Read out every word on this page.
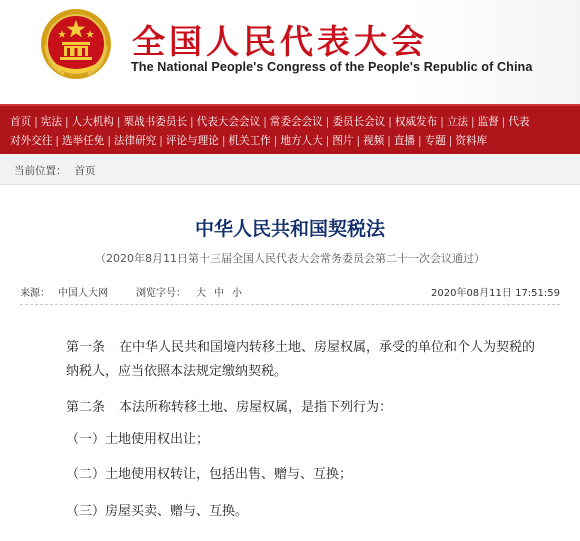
全国人民代表大会
The National People's Congress of the People's Republic of China
首页 | 宪法 | 人大机构 | 栗战书委员长 | 代表大会会议 | 常委会会议 | 委员长会议 | 权威发布 | 立法 | 监督 | 代表
对外交往 | 选举任免 | 法律研究 | 评论与理论 | 机关工作 | 地方人大 | 图片 | 视频 | 直播 | 专题 | 资料库
当前位置： 首页
中华人民共和国契税法
（2020年8月11日第十三届全国人民代表大会常务委员会第二十一次会议通过）
来源： 中国人大网	浏览字号： 大 中 小	2020年08月11日 17:51:59
第一条 在中华人民共和国境内转移土地、房屋权属，承受的单位和个人为契税的纳税人，应当依照本法规定缴纳契税。
第二条 本法所称转移土地、房屋权属，是指下列行为：
（一）土地使用权出让；
（二）土地使用权转让，包括出售、赠与、互换；
（三）房屋买卖、赠与、互换。
